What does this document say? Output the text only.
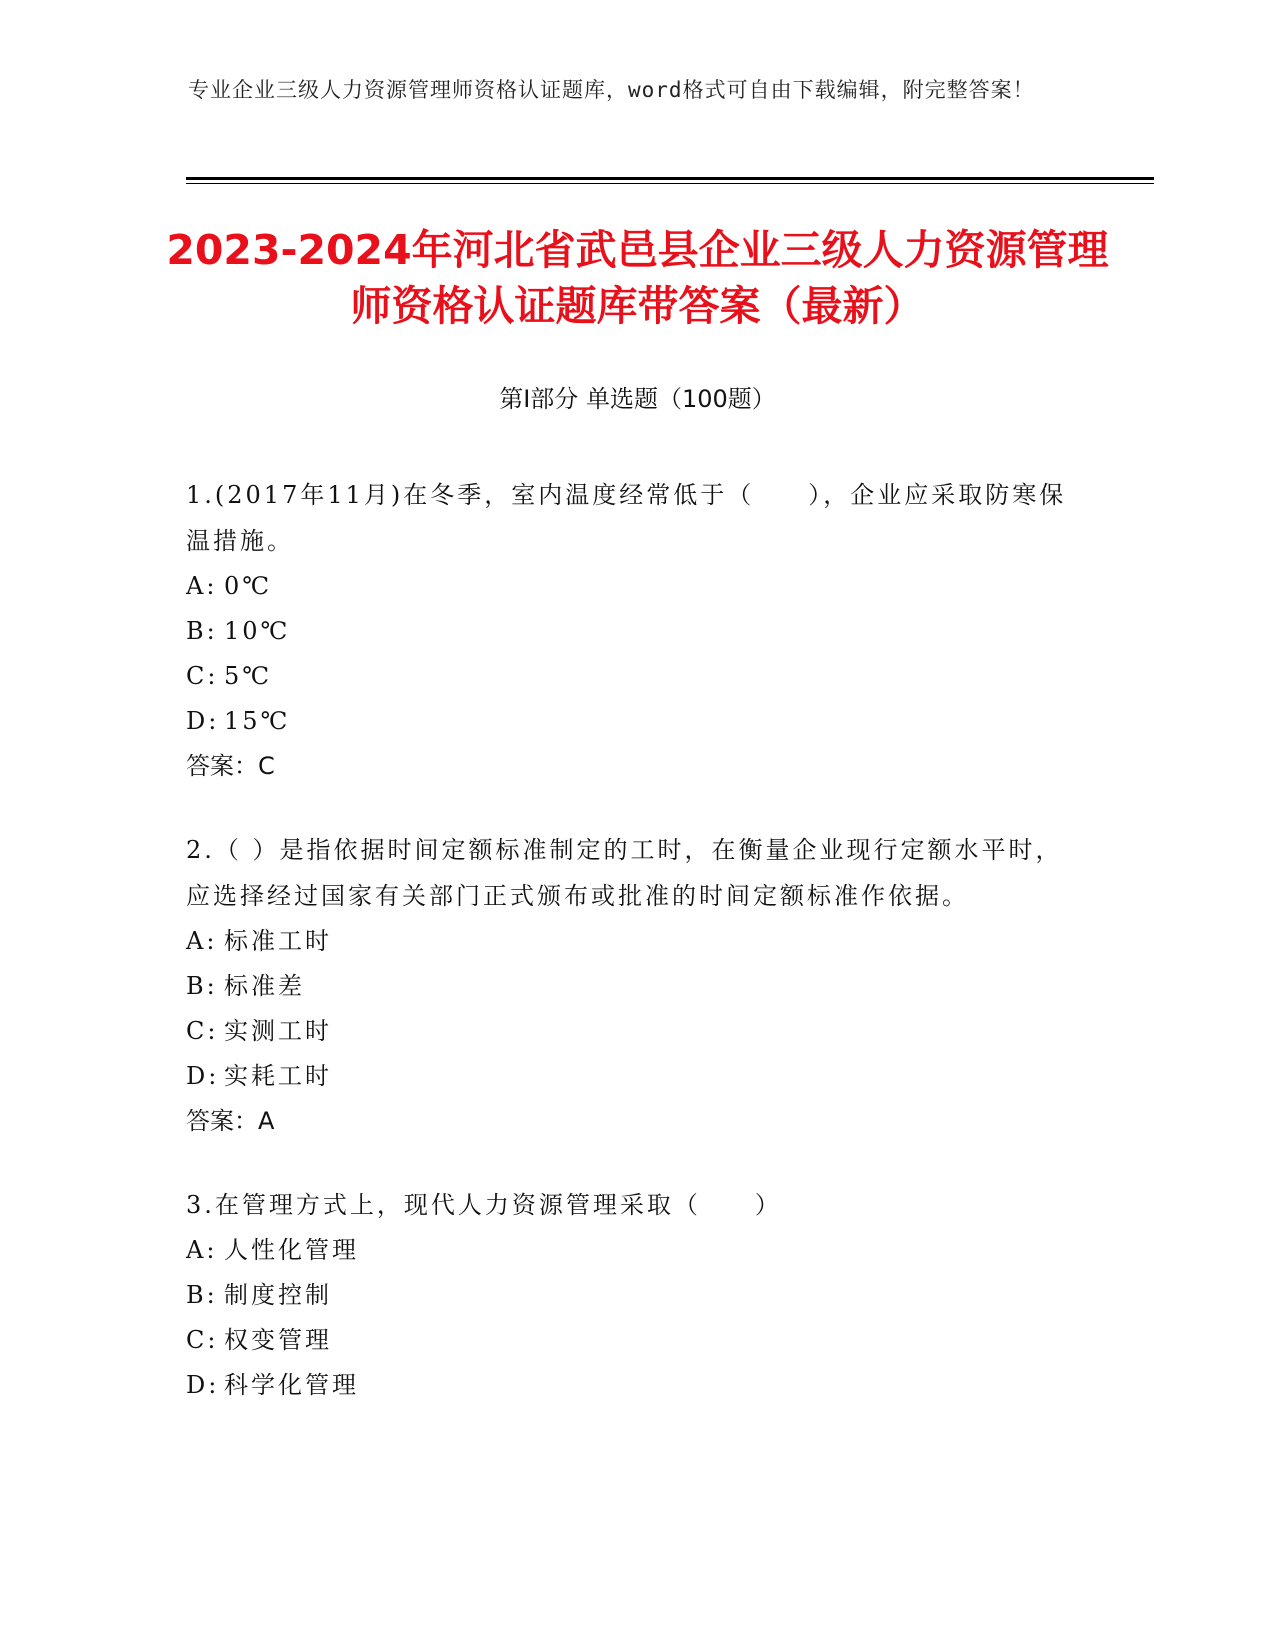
专业企业三级人力资源管理师资格认证题库，word格式可自由下载编辑，附完整答案！
2023-2024年河北省武邑县企业三级人力资源管理师资格认证题库带答案（最新）
第Ⅰ部分 单选题（100题）
1.(2017年11月)在冬季，室内温度经常低于（　　），企业应采取防寒保温措施。
A: 0℃
B: 10℃
C: 5℃
D: 15℃
答案：C
2.（ ）是指依据时间定额标准制定的工时，在衡量企业现行定额水平时，应选择经过国家有关部门正式颁布或批准的时间定额标准作依据。
A: 标准工时
B: 标准差
C: 实测工时
D: 实耗工时
答案：A
3.在管理方式上，现代人力资源管理采取（　　）
A: 人性化管理
B: 制度控制
C: 权变管理
D: 科学化管理
